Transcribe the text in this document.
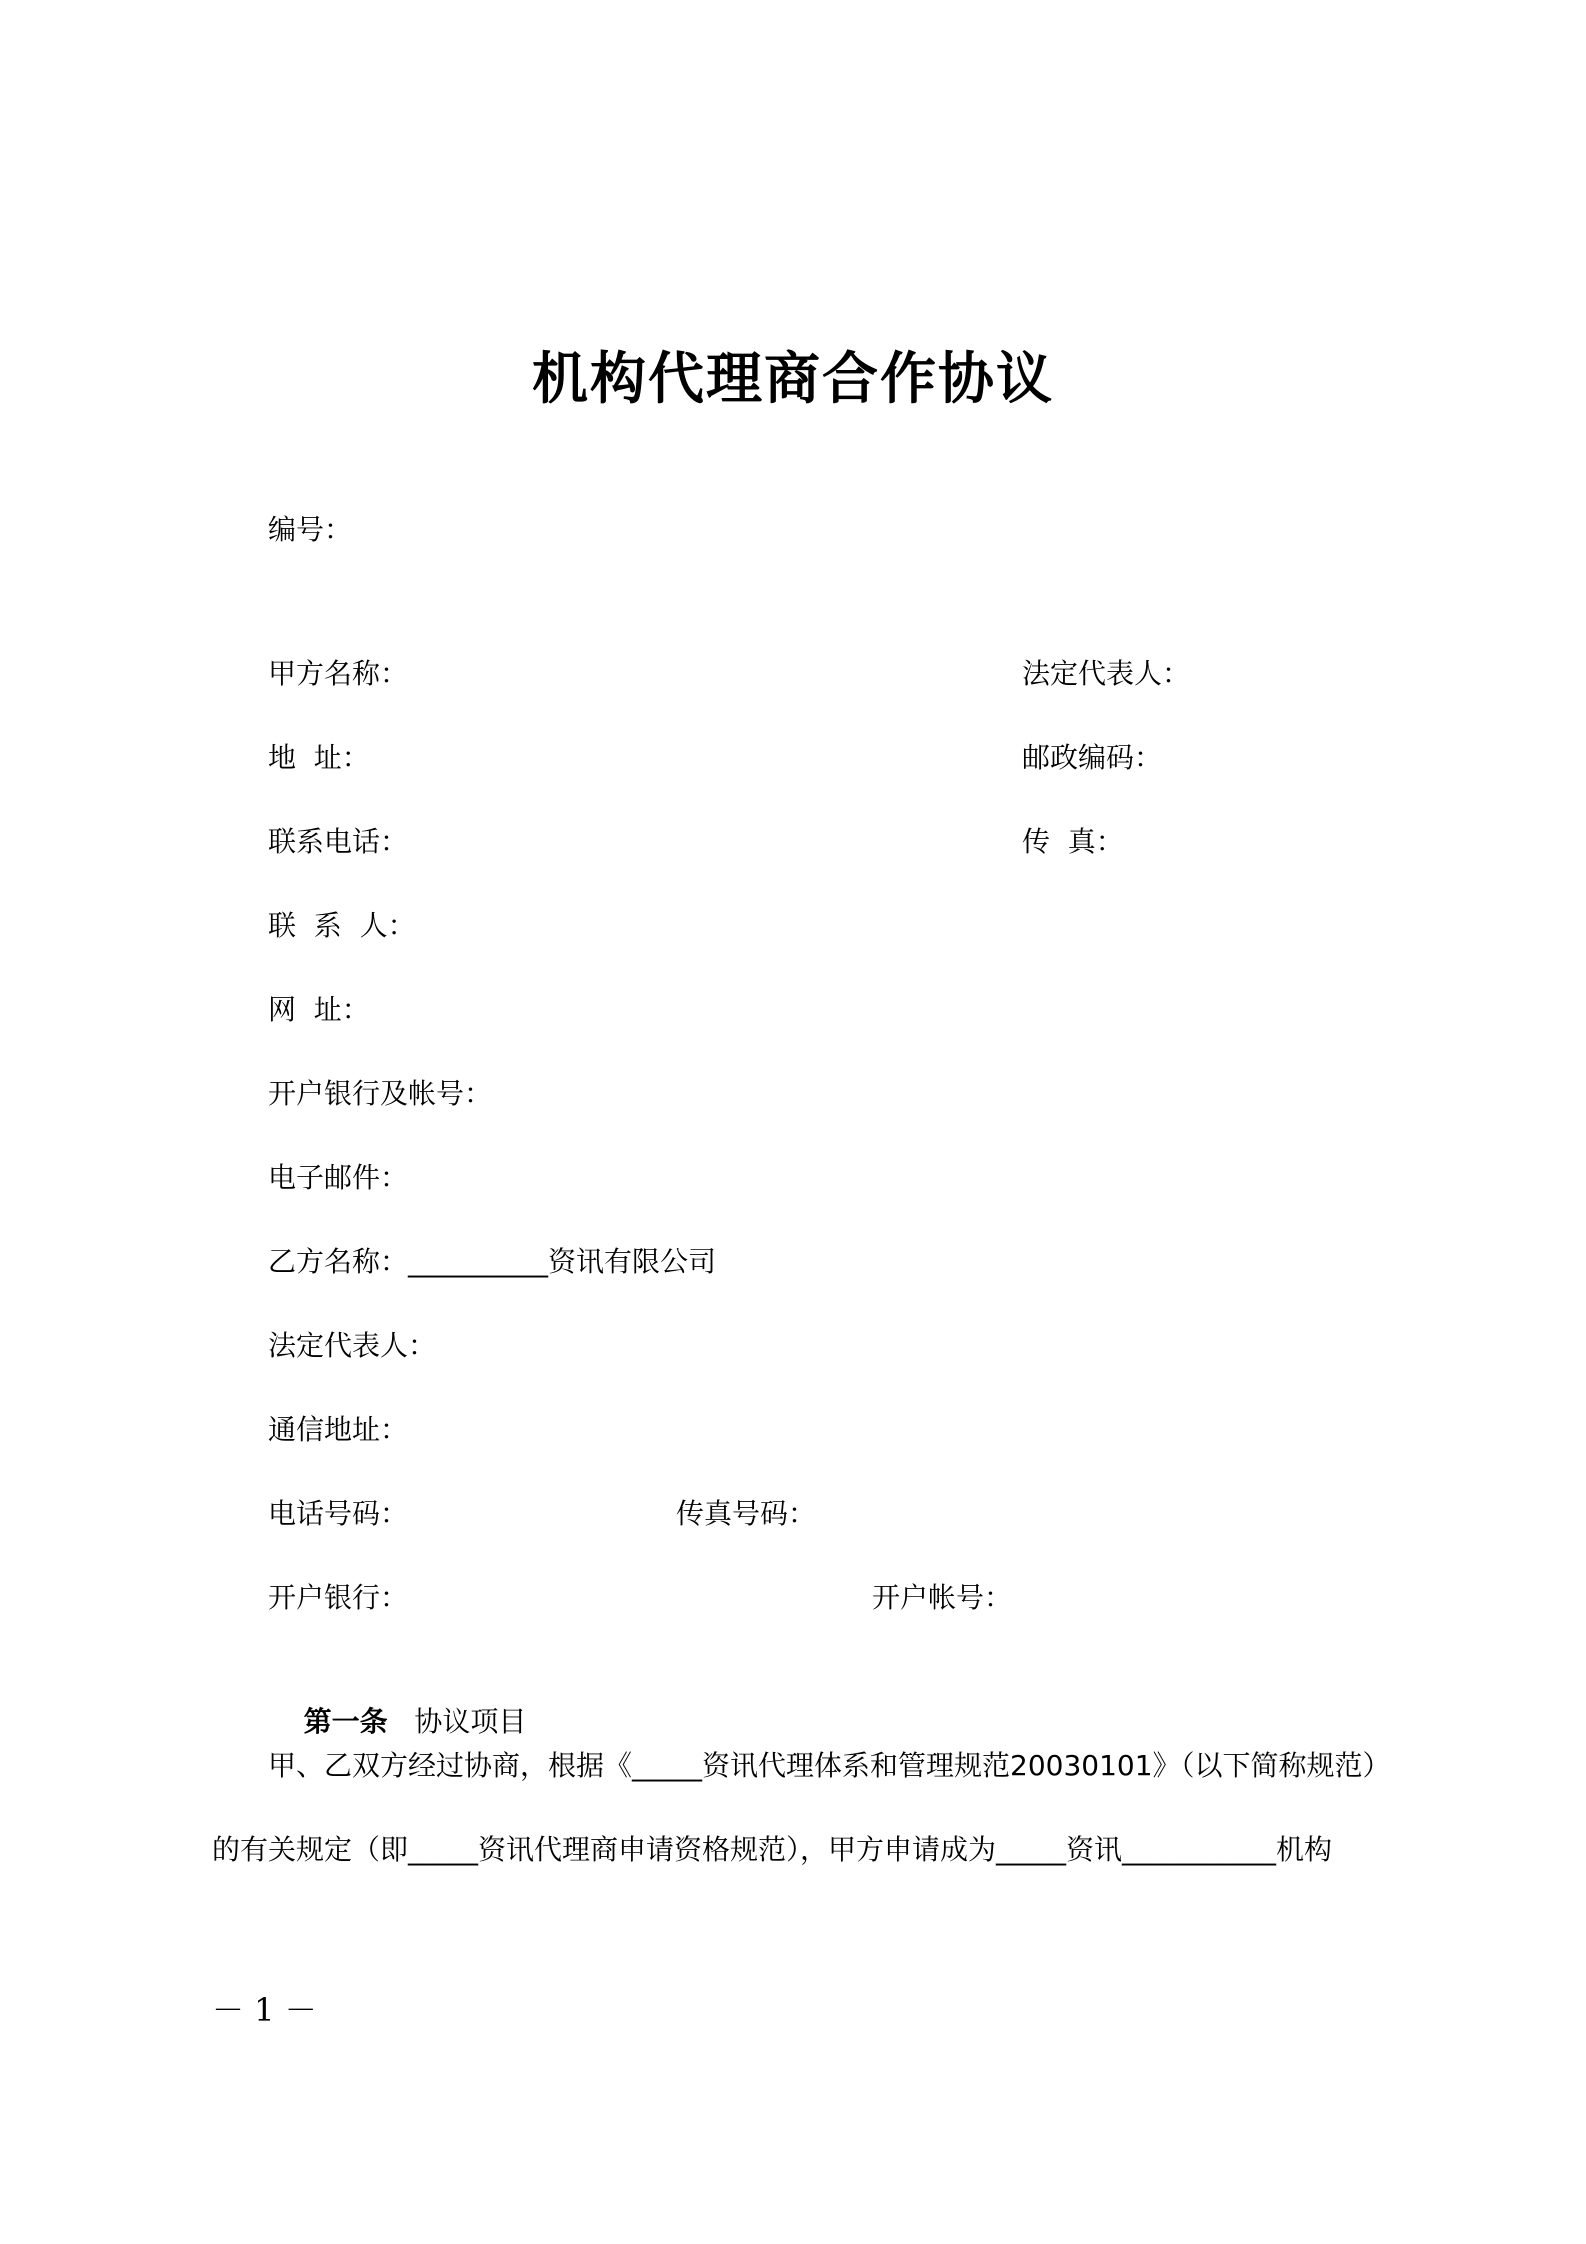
机构代理商合作协议
编号：
甲方名称：	法定代表人：
地  址：	邮政编码：
联系电话：	传  真：
联  系  人：
网  址：
开户银行及帐号：
电子邮件：
乙方名称：__________资讯有限公司
法定代表人：
通信地址：
电话号码：	传真号码：
开户银行：	开户帐号：

第一条 协议项目

甲、乙双方经过协商，根据《_____资讯代理体系和管理规范20030101》（以下简称规范）
的有关规定（即_____资讯代理商申请资格规范），甲方申请成为_____资讯___________机构
－ 1 －
